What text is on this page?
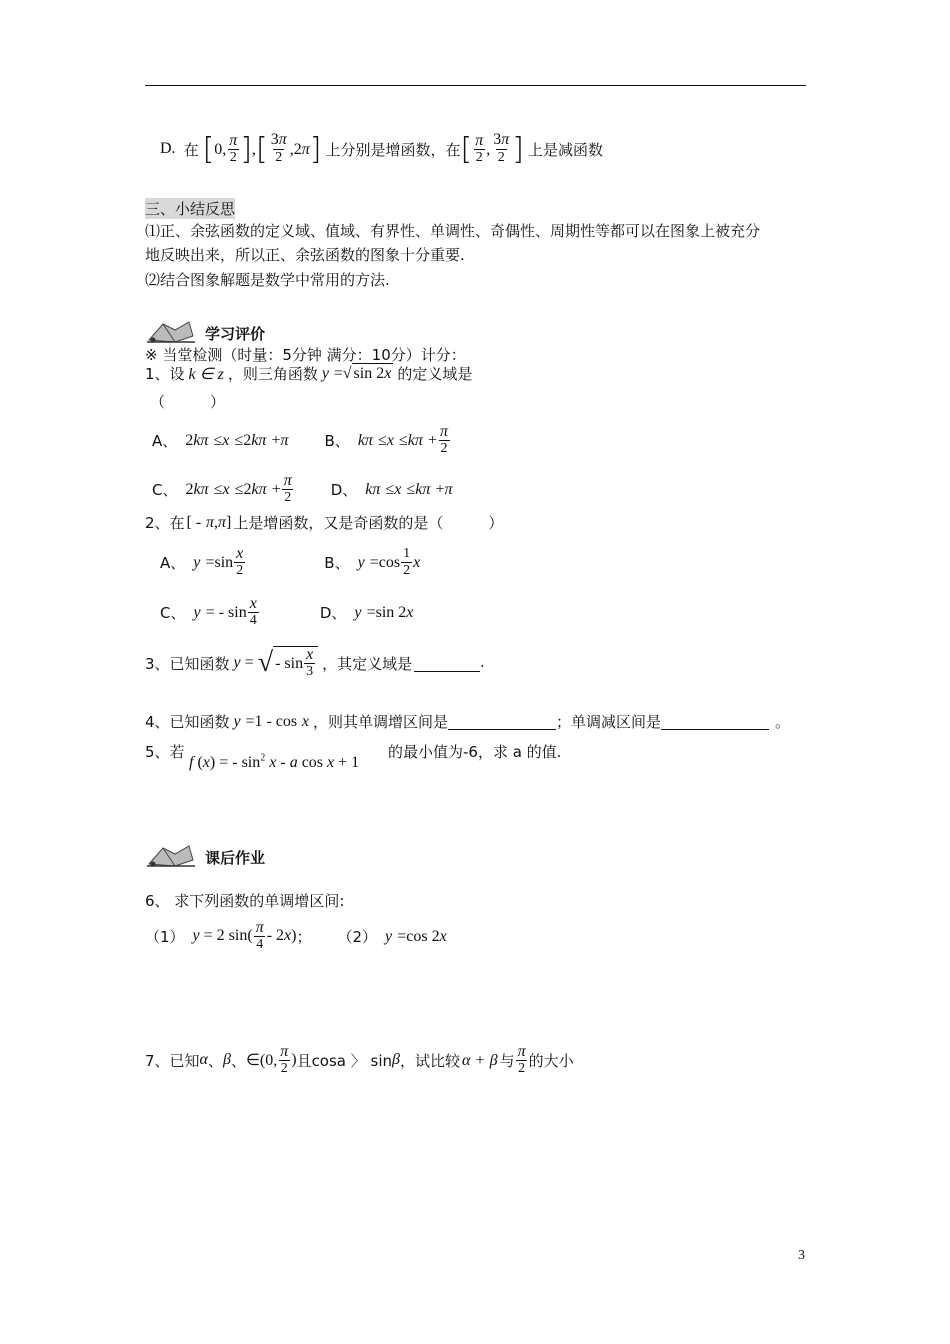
D. 在 [0, $\frac{\pi}{2}$ ],[ $\frac{3\pi}{2} ,2\pi$] 上分别是增函数，在 [ $\frac{\pi}{2}$ , $\frac{3\pi}{2}$ ] 上是减函数
三、小结反思
⑴正、余弦函数的定义域、值域、有界性、单调性、奇偶性、周期性等都可以在图象上被充分
地反映出来，所以正、余弦函数的图象十分重要.
⑵结合图象解题是数学中常用的方法.
学习评价
※ 当堂检测（时量：5分钟 满分：10分）计分：
1、设 k ∈ z ，则三角函数 y =√ sin 2x 的定义域是
（　　　）
A、 2kπ ≤x ≤2kπ +π B、 $k\pi \le x \le k\pi + \frac{\pi}{2}$
C、 $2k\pi \le x \le 2k\pi + \frac{\pi}{2}$ D、 kπ ≤x ≤kπ +π
2、在 [ - π,π] 上是增函数，又是奇函数的是（　　　）
A、 $y =\sin \frac{x}{2}$	B、 $y =\cos \frac{1}{2}$ x
C、 y = - $\sin \frac{x}{4}$	D、 y =sin 2x
3、已知函数 y = √ - $\sin \frac{x}{3}$ ，其定义域是	.
4、已知函数 y =1 - cos x ，则其单调增区间是	；单调减区间是	。
5、若
f (x) = - $\sin^2 x$ - a cos x + 1
的最小值为-6，求 a 的值.
课后作业
6、 求下列函数的单调增区间:
（1） y = 2 $\sin( \frac{\pi}{4} - 2$ x ) ； （2） y =cos 2x
7、已知 α 、 β 、 ∈(0, $\frac{\pi}{2}$ ) 且cosa 〉 sin β ，试比较 α + β 与 $\frac{\pi}{2}$ 的大小
3
